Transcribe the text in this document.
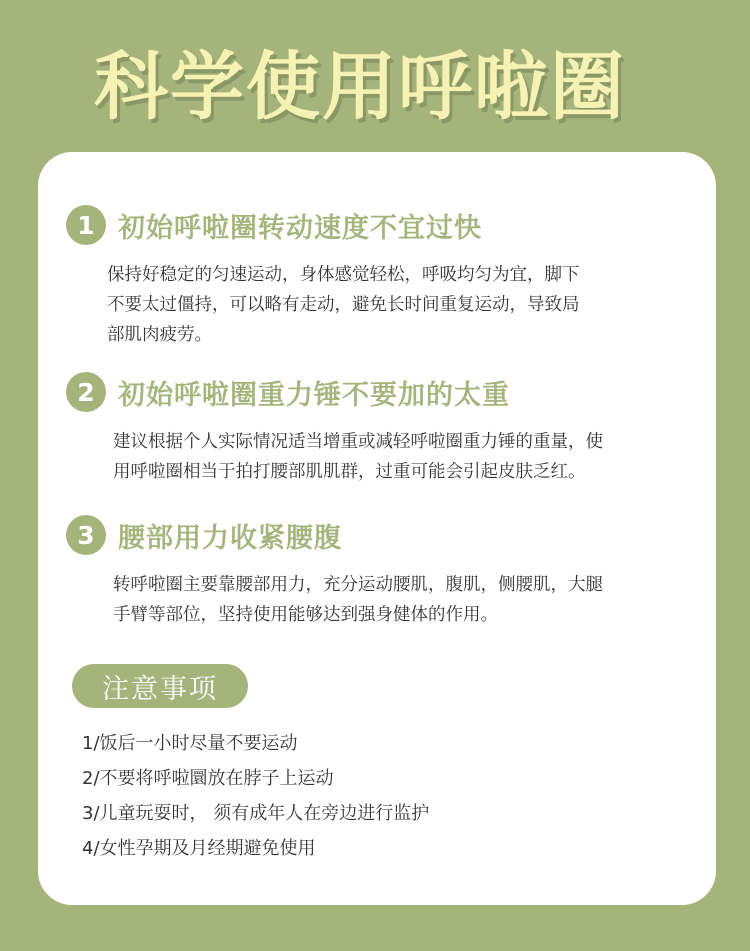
科学使用呼啦圈
1 初始呼啦圈转动速度不宜过快
保持好稳定的匀速运动，身体感觉轻松，呼吸均匀为宜，脚下
不要太过僵持，可以略有走动，避免长时间重复运动，导致局
部肌肉疲劳。
2 初始呼啦圈重力锤不要加的太重
建议根据个人实际情况适当增重或减轻呼啦圈重力锤的重量，使
用呼啦圈相当于拍打腰部肌肌群，过重可能会引起皮肤乏红。
3 腰部用力收紧腰腹
转呼啦圈主要靠腰部用力，充分运动腰肌，腹肌，侧腰肌，大腿
手臂等部位，坚持使用能够达到强身健体的作用。
注意事项
1/饭后一小时尽量不要运动
2/不要将呼啦圜放在脖子上运动
3/儿童玩耍时， 须有成年人在旁边进行监护
4/女性孕期及月经期避免使用
